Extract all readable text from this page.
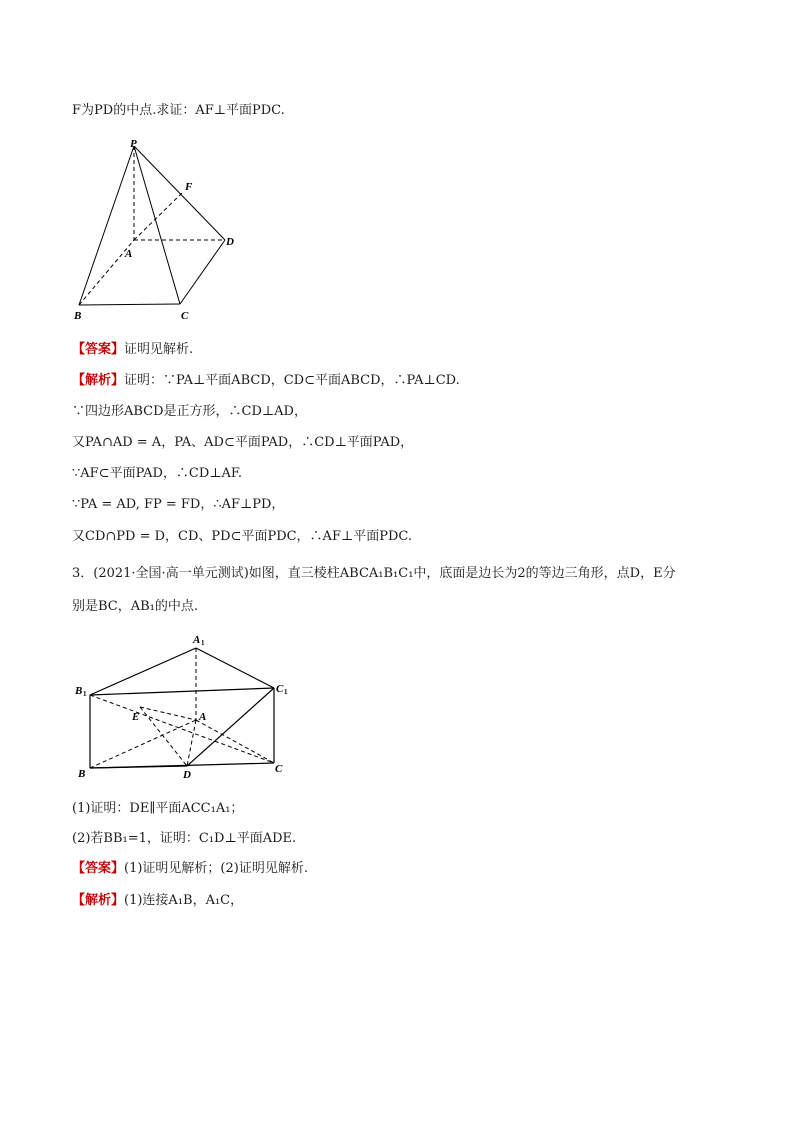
F为PD的中点.求证：AF⊥平面PDC.
P
F
A
D
B	C
【答案】证明见解析.
【解析】证明：∵PA⊥平面ABCD，CD⊂平面ABCD，∴PA⊥CD.
∵四边形ABCD是正方形，∴CD⊥AD，
又PA∩AD = A，PA、AD⊂平面PAD，∴CD⊥平面PAD，
∵AF⊂平面PAD，∴CD⊥AF.
∵PA = AD, FP = FD，∴AF⊥PD，
又CD∩PD = D，CD、PD⊂平面PDC，∴AF⊥平面PDC.
3．(2021·全国·高一单元测试)如图，直三棱柱ABCA₁B₁C₁中，底面是边长为2的等边三角形，点D，E分
别是BC，AB₁的中点.
A 1
B 1	C 1
E	A
B	D	C
(1)证明：DE∥平面ACC₁A₁；
(2)若BB₁=1，证明：C₁D⊥平面ADE.
【答案】(1)证明见解析；(2)证明见解析.
【解析】(1)连接A₁B，A₁C，
